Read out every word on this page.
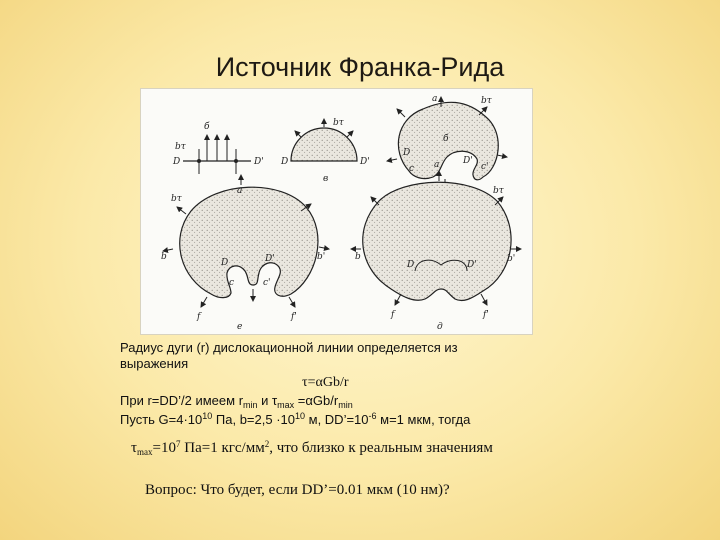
Источник Франка-Рида
D	D'
bτ
б
D	D'
bτ
в
а	bτ
б
D
D'
c	c'
а
bτ
b	b'
D	D'
c	c'
f	f'
е
а
bτ
b	b'
D	D'
f	f'
д
Радиус дуги (r) дислокационной линии определяется из
выражения
τ=αGb/r
При r=DD’/2 имеем $r_{min}$ и $\tau_{max} =\alpha Gb/r_{min}$
Пусть $G=4\cdot 10^{10}$ Па, $b=2,5 \cdot 10^{10}$ м, $DD’=10^{-6}$ м=1 мкм, тогда
$\tau_{max}=10^7$ Па=1 кгс/$мм^2$, что близко к реальным значениям
Вопрос: Что будет, если DD’=0.01 мкм (10 нм)?
